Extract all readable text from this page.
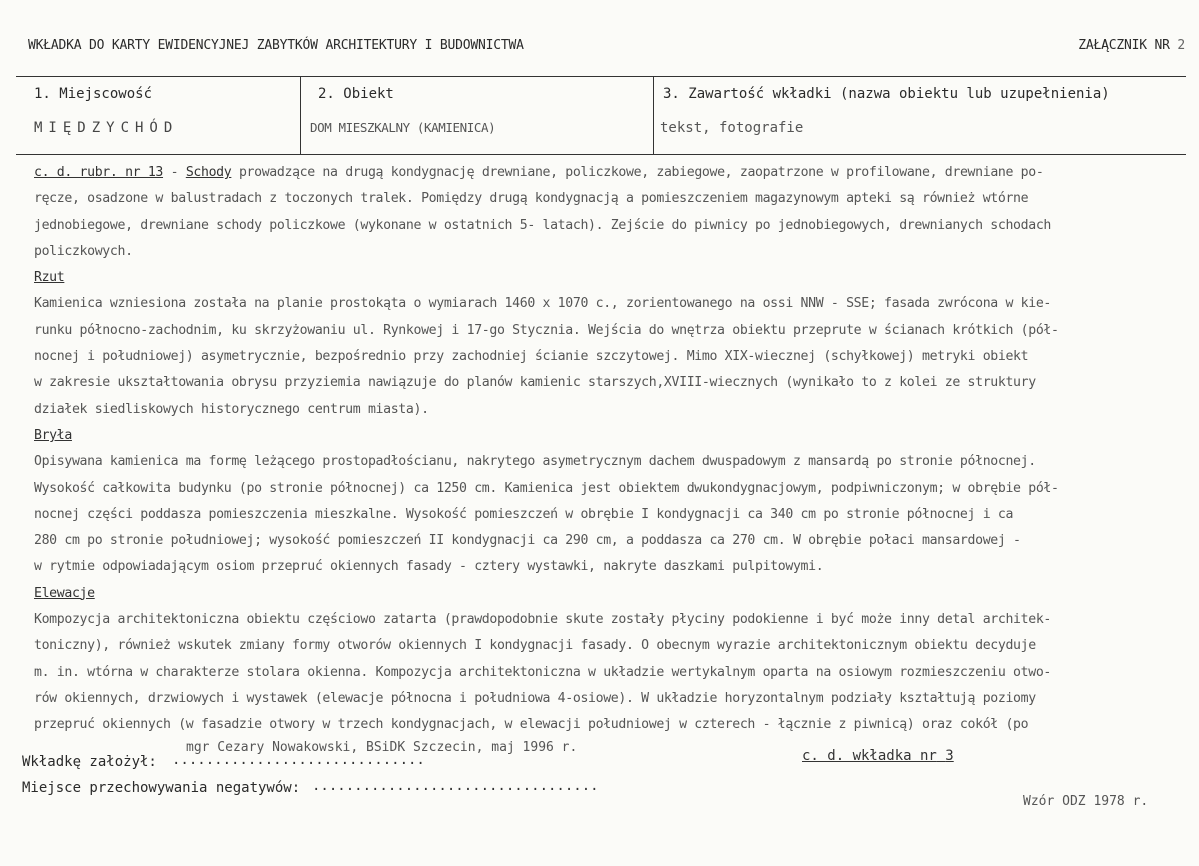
WKŁADKA DO KARTY EWIDENCYJNEJ ZABYTKÓW ARCHITEKTURY I BUDOWNICTWA	ZAŁĄCZNIK NR 2
1. Miejscowość
MIĘDZYCHÓD
2. Obiekt
DOM MIESZKALNY (KAMIENICA)
3. Zawartość wkładki (nazwa obiektu lub uzupełnienia)
tekst, fotografie
c. d. rubr. nr 13 - Schody prowadzące na drugą kondygnację drewniane, policzkowe, zabiegowe, zaopatrzone w profilowane, drewniane po-
ręcze, osadzone w balustradach z toczonych tralek. Pomiędzy drugą kondygnacją a pomieszczeniem magazynowym apteki są również wtórne
jednobiegowe, drewniane schody policzkowe (wykonane w ostatnich 5- latach). Zejście do piwnicy po jednobiegowych, drewnianych schodach
policzkowych.
Rzut
Kamienica wzniesiona została na planie prostokąta o wymiarach 1460 x 1070 c., zorientowanego na ossi NNW - SSE; fasada zwrócona w kie-
runku północno-zachodnim, ku skrzyżowaniu ul. Rynkowej i 17-go Stycznia. Wejścia do wnętrza obiektu przeprute w ścianach krótkich (pół-
nocnej i południowej) asymetrycznie, bezpośrednio przy zachodniej ścianie szczytowej. Mimo XIX-wiecznej (schyłkowej) metryki obiekt
w zakresie ukształtowania obrysu przyziemia nawiązuje do planów kamienic starszych,XVIII-wiecznych (wynikało to z kolei ze struktury
działek siedliskowych historycznego centrum miasta).
Bryła
Opisywana kamienica ma formę leżącego prostopadłościanu, nakrytego asymetrycznym dachem dwuspadowym z mansardą po stronie północnej.
Wysokość całkowita budynku (po stronie północnej) ca 1250 cm. Kamienica jest obiektem dwukondygnacjowym, podpiwniczonym; w obrębie pół-
nocnej części poddasza pomieszczenia mieszkalne. Wysokość pomieszczeń w obrębie I kondygnacji ca 340 cm po stronie północnej i ca
280 cm po stronie południowej; wysokość pomieszczeń II kondygnacji ca 290 cm, a poddasza ca 270 cm. W obrębie połaci mansardowej -
w rytmie odpowiadającym osiom przepruć okiennych fasady - cztery wystawki, nakryte daszkami pulpitowymi.
Elewacje
Kompozycja architektoniczna obiektu częściowo zatarta (prawdopodobnie skute zostały płyciny podokienne i być może inny detal architek-
toniczny), również wskutek zmiany formy otworów okiennych I kondygnacji fasady. O obecnym wyrazie architektonicznym obiektu decyduje
m. in. wtórna w charakterze stolara okienna. Kompozycja architektoniczna w układzie wertykalnym oparta na osiowym rozmieszczeniu otwo-
rów okiennych, drzwiowych i wystawek (elewacje północna i południowa 4-osiowe). W układzie horyzontalnym podziały kształtują poziomy
przepruć okiennych (w fasadzie otwory w trzech kondygnacjach, w elewacji południowej w czterech - łącznie z piwnicą) oraz cokół (po
mgr Cezary Nowakowski, BSiDK Szczecin, maj 1996 r.
Wkładkę założył: ..............................	c. d. wkładka nr 3
Miejsce przechowywania negatywów: ..................................
Wzór ODZ 1978 r.
